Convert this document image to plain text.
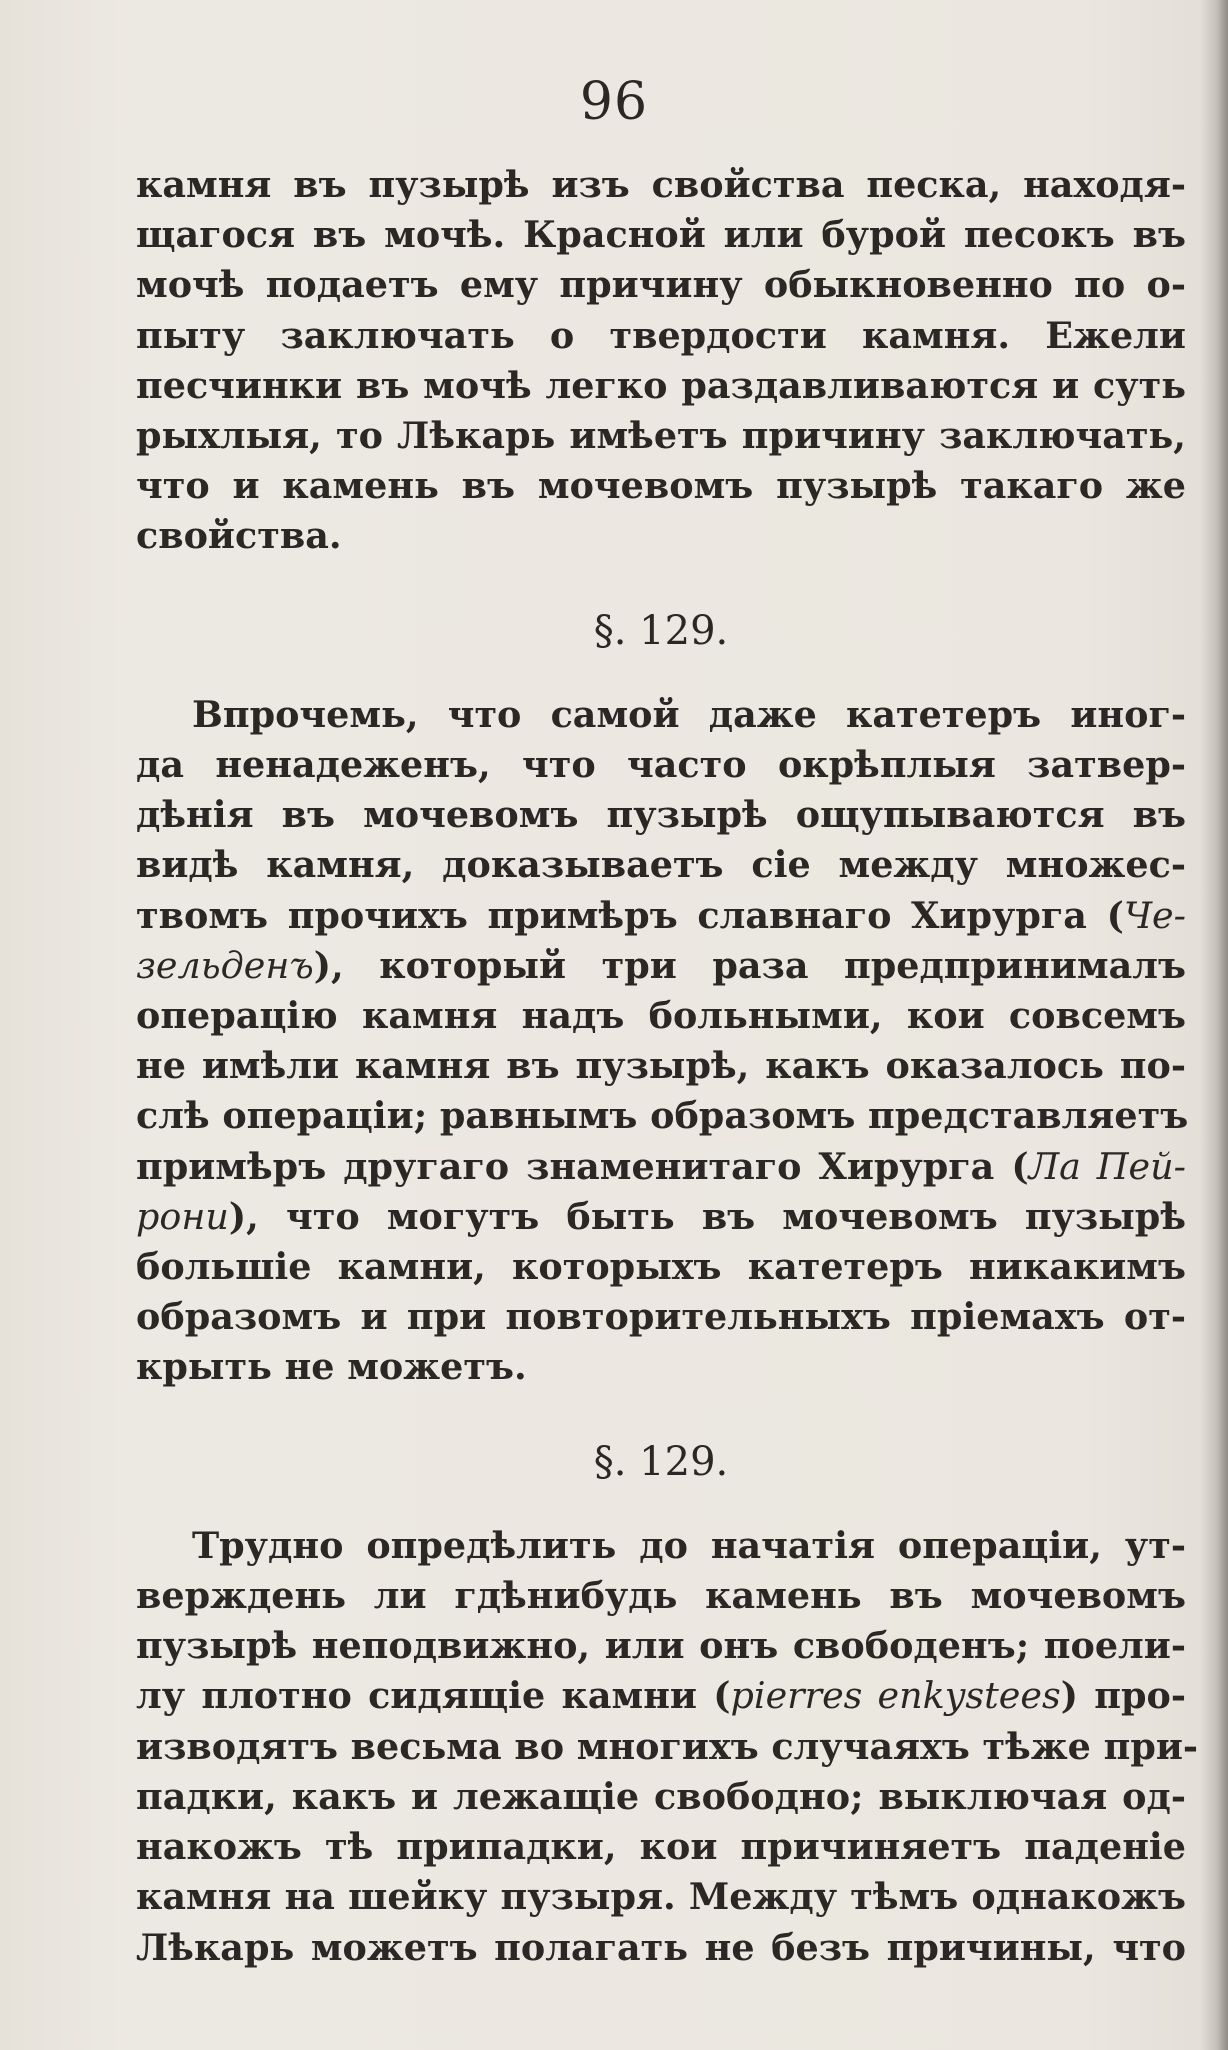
96
камня въ пузырѣ изъ свойства песка, находя-
щагося въ мочѣ. Красной или бурой песокъ въ
мочѣ подаетъ ему причину обыкновенно по о-
пыту заключать о твердости камня. Ежели
песчинки въ мочѣ легко раздавливаются и суть
рыхлыя, то Лѣкарь имѣетъ причину заключать,
что и камень въ мочевомъ пузырѣ такаго же
свойства.
§. 129.
Впрочемь, что самой даже катетеръ иног-
да ненадеженъ, что часто окрѣплыя затвер-
дѣнія въ мочевомъ пузырѣ ощупываются въ
видѣ камня, доказываетъ сіе между множес-
твомъ прочихъ примѣръ славнаго Хирурга (Че-
зельденъ), который три раза предпринималъ
операцію камня надъ больными, кои совсемъ
не имѣли камня въ пузырѣ, какъ оказалось по-
слѣ операціи; равнымъ образомъ представляетъ
примѣръ другаго знаменитаго Хирурга (Ла Пей-
рони), что могутъ быть въ мочевомъ пузырѣ
большіе камни, которыхъ катетеръ никакимъ
образомъ и при повторительныхъ пріемахъ от-
крыть не можетъ.
§. 129.
Трудно опредѣлить до начатія операціи, ут-
верждень ли гдѣнибудь камень въ мочевомъ
пузырѣ неподвижно, или онъ свободенъ; поели-
лу плотно сидящіе камни (pierres enkystees) про-
изводятъ весьма во многихъ случаяхъ тѣже при-
падки, какъ и лежащіе свободно; выключая од-
накожъ тѣ припадки, кои причиняетъ паденіе
камня на шейку пузыря. Между тѣмъ однакожъ
Лѣкарь можетъ полагать не безъ причины, что
